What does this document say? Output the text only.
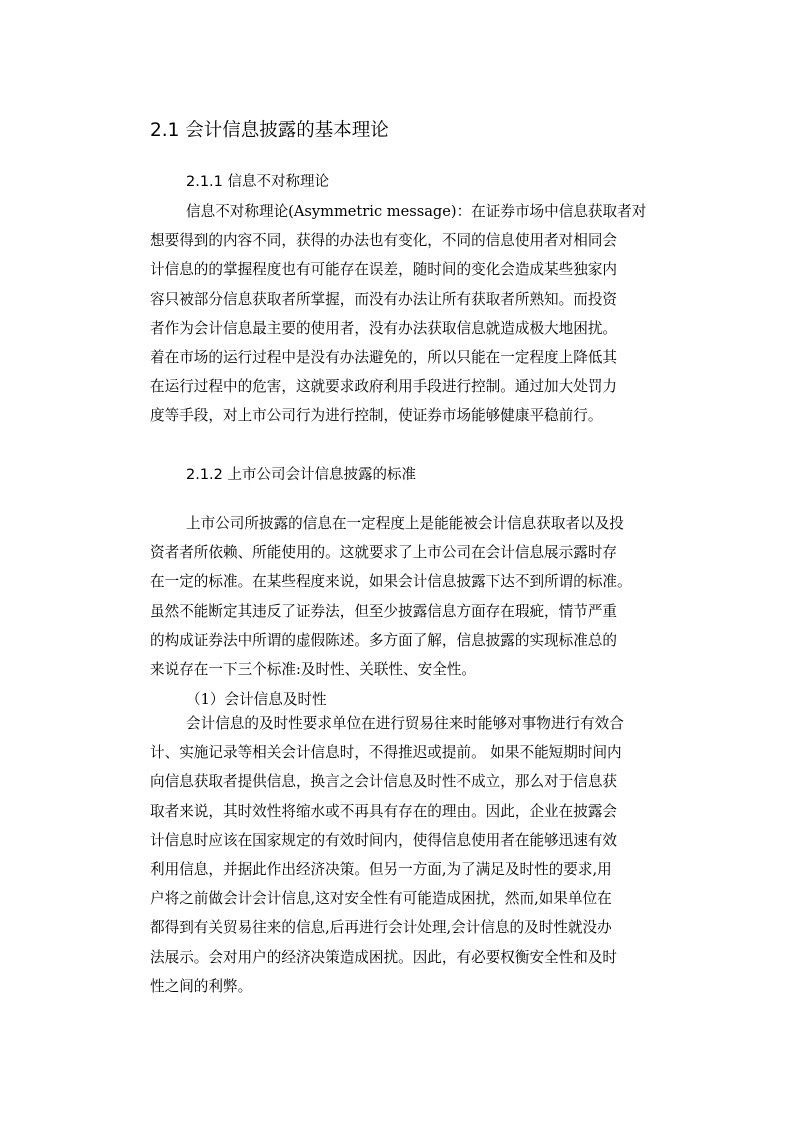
2.1 会计信息披露的基本理论
2.1.1 信息不对称理论
信息不对称理论(Asymmetric message)：在证券市场中信息获取者对
想要得到的内容不同，获得的办法也有变化，不同的信息使用者对相同会
计信息的的掌握程度也有可能存在误差，随时间的变化会造成某些独家内
容只被部分信息获取者所掌握，而没有办法让所有获取者所熟知。而投资
者作为会计信息最主要的使用者，没有办法获取信息就造成极大地困扰。
着在市场的运行过程中是没有办法避免的，所以只能在一定程度上降低其
在运行过程中的危害，这就要求政府利用手段进行控制。通过加大处罚力
度等手段，对上市公司行为进行控制，使证券市场能够健康平稳前行。
2.1.2 上市公司会计信息披露的标准
上市公司所披露的信息在一定程度上是能能被会计信息获取者以及投
资者者所依赖、所能使用的。这就要求了上市公司在会计信息展示露时存
在一定的标准。在某些程度来说，如果会计信息披露下达不到所谓的标准。
虽然不能断定其违反了证券法，但至少披露信息方面存在瑕疵，情节严重
的构成证券法中所谓的虚假陈述。多方面了解，信息披露的实现标准总的
来说存在一下三个标准:及时性、关联性、安全性。
（1）会计信息及时性
会计信息的及时性要求单位在进行贸易往来时能够对事物进行有效合
计、实施记录等相关会计信息时，不得推迟或提前。 如果不能短期时间内
向信息获取者提供信息，换言之会计信息及时性不成立，那么对于信息获
取者来说，其时效性将缩水或不再具有存在的理由。因此，企业在披露会
计信息时应该在国家规定的有效时间内，使得信息使用者在能够迅速有效
利用信息，并据此作出经济决策。但另一方面,为了满足及时性的要求,用
户将之前做会计会计信息,这对安全性有可能造成困扰，然而,如果单位在
都得到有关贸易往来的信息,后再进行会计处理,会计信息的及时性就没办
法展示。会对用户的经济决策造成困扰。因此，有必要权衡安全性和及时
性之间的利弊。
